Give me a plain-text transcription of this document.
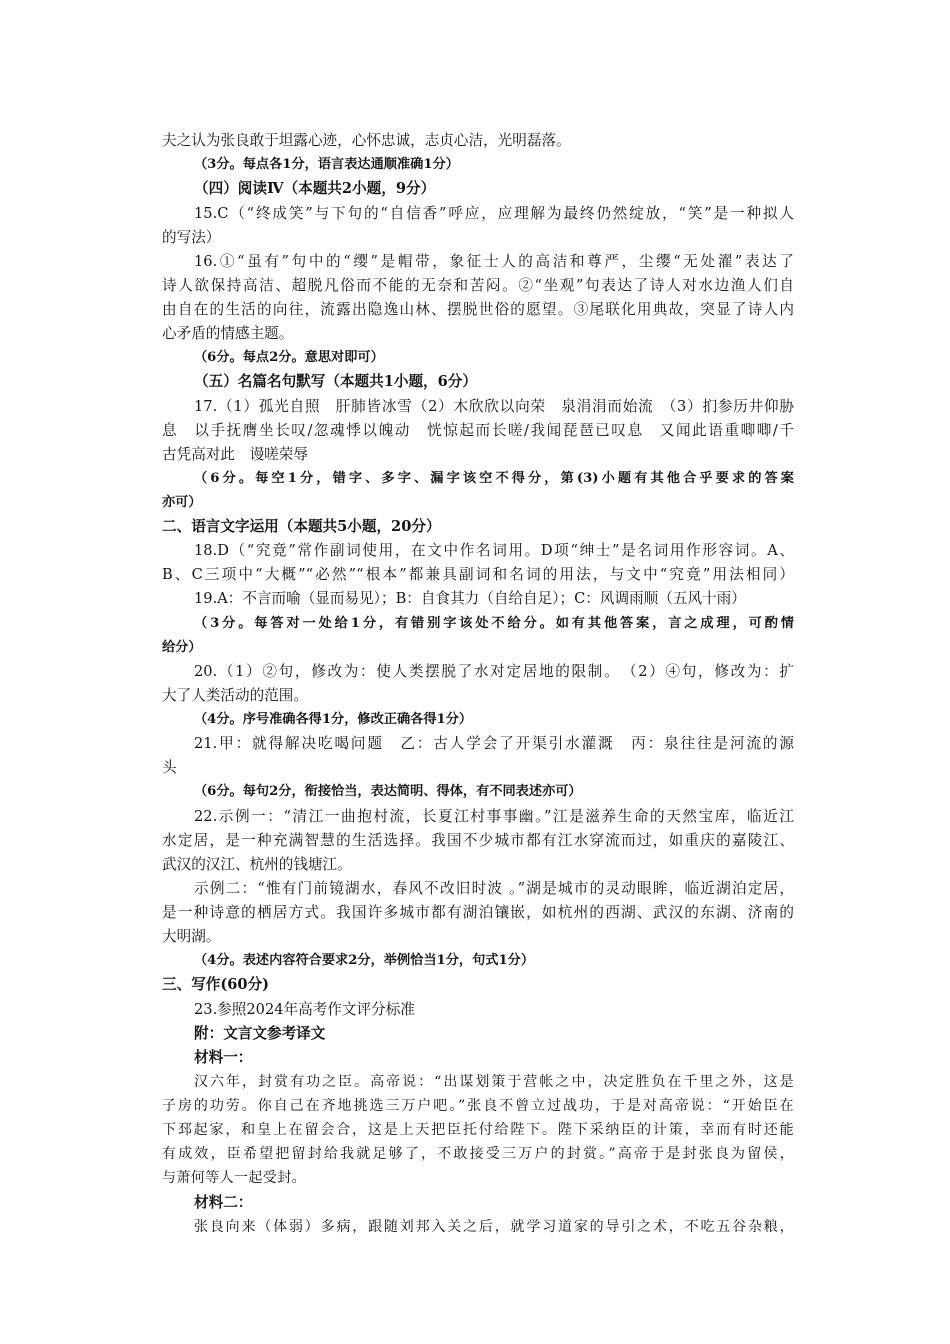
夫之认为张良敢于坦露心迹，心怀忠诚，志贞心洁，光明磊落。
（3分。每点各1分，语言表达通顺准确1分）
（四）阅读Ⅳ（本题共2小题，9分）
15.C（“终成笑”与下句的“自信香”呼应，应理解为最终仍然绽放，“笑”是一种拟人
的写法）
16.①“虽有”句中的“缨”是帽带，象征士人的高洁和尊严，尘缨“无处濯”表达了
诗人欲保持高洁、超脱凡俗而不能的无奈和苦闷。②“坐观”句表达了诗人对水边渔人们自
由自在的生活的向往，流露出隐逸山林、摆脱世俗的愿望。③尾联化用典故，突显了诗人内
心矛盾的情感主题。
（6分。每点2分。意思对即可）
（五）名篇名句默写（本题共1小题，6分）
17.（1）孤光自照　肝肺皆冰雪（2）木欣欣以向荣　泉涓涓而始流　（3）扪参历井仰胁
息　以手抚膺坐长叹/忽魂悸以魄动　恍惊起而长嗟/我闻琵琶已叹息　又闻此语重唧唧/千
古凭高对此　谩嗟荣辱
（6分。每空1分，错字、多字、漏字该空不得分，第(3)小题有其他合乎要求的答案
亦可）
二、语言文字运用（本题共5小题，20分）
18.D（“究竟”常作副词使用，在文中作名词用。D项“绅士”是名词用作形容词。A、
B、C三项中“大概”“必然”“根本”都兼具副词和名词的用法，与文中“究竟”用法相同）
19.A：不言而喻（显而易见）；B：自食其力（自给自足）；C：风调雨顺（五风十雨）
（3分。每答对一处给1分，有错别字该处不给分。如有其他答案，言之成理，可酌情
给分）
20.（1）②句，修改为：使人类摆脱了水对定居地的限制。　（2）④句，修改为：扩
大了人类活动的范围。
（4分。序号准确各得1分，修改正确各得1分）
21.甲：就得解决吃喝问题　乙：古人学会了开渠引水灌溉　丙：泉往往是河流的源
头
（6分。每句2分，衔接恰当，表达简明、得体，有不同表述亦可）
22.示例一：“清江一曲抱村流，长夏江村事事幽。”江是滋养生命的天然宝库，临近江
水定居，是一种充满智慧的生活选择。我国不少城市都有江水穿流而过，如重庆的嘉陵江、
武汉的汉江、杭州的钱塘江。
示例二：“惟有门前镜湖水，春风不改旧时波 。”湖是城市的灵动眼眸，临近湖泊定居，
是一种诗意的栖居方式。我国许多城市都有湖泊镶嵌，如杭州的西湖、武汉的东湖、济南的
大明湖。
（4分。表述内容符合要求2分，举例恰当1分，句式1分）
三、写作(60分)
23.参照2024年高考作文评分标准
附：文言文参考译文
材料一：
汉六年，封赏有功之臣。高帝说：“出谋划策于营帐之中，决定胜负在千里之外，这是
子房的功劳。你自己在齐地挑选三万户吧。”张良不曾立过战功，于是对高帝说：“开始臣在
下邳起家，和皇上在留会合，这是上天把臣托付给陛下。陛下采纳臣的计策，幸而有时还能
有成效，臣希望把留封给我就足够了，不敢接受三万户的封赏。”高帝于是封张良为留侯，
与萧何等人一起受封。
材料二：
张良向来（体弱）多病，跟随刘邦入关之后，就学习道家的导引之术，不吃五谷杂粮，
